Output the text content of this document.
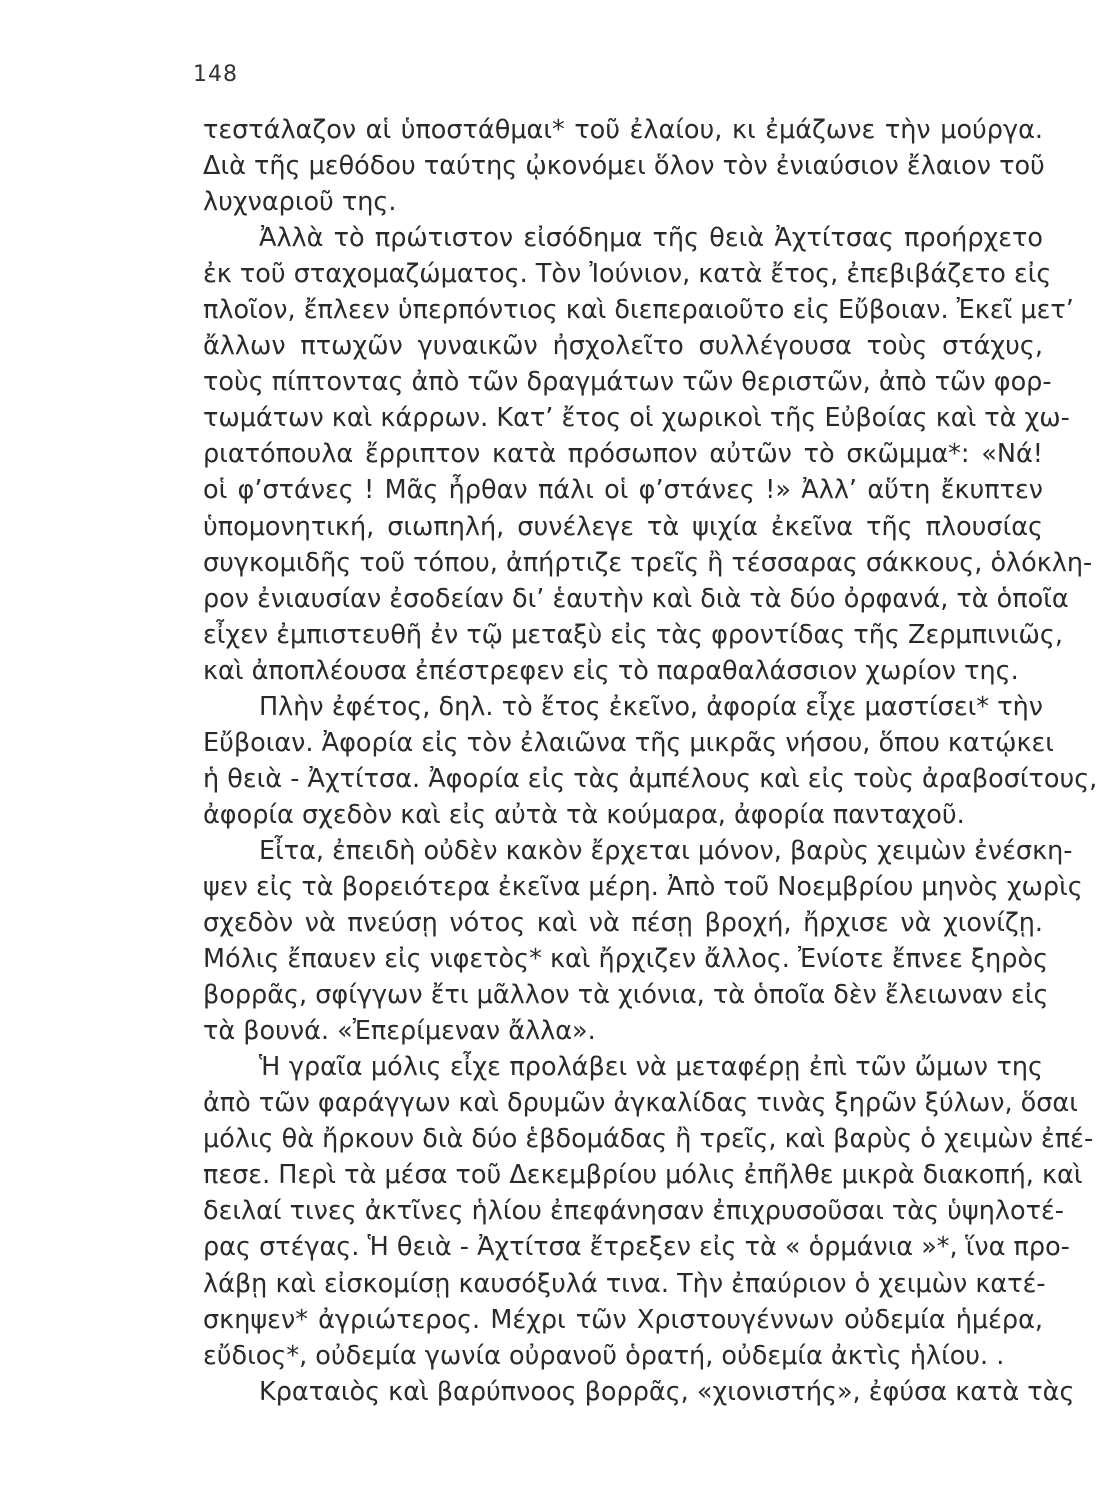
148
τεστάλαζον αἱ ὑποστάθμαι* τοῦ ἐλαίου, κι ἐμάζωνε τὴν μούργα.
Διὰ τῆς μεθόδου ταύτης ᾠκονόμει ὅλον τὸν ἐνιαύσιον ἔλαιον τοῦ
λυχναριοῦ της.
Ἀλλὰ τὸ πρώτιστον εἰσόδημα τῆς θειὰ Ἀχτίτσας προήρχετο
ἐκ τοῦ σταχομαζώματος. Τὸν Ἰούνιον, κατὰ ἔτος, ἐπεβιβάζετο εἰς
πλοῖον, ἔπλεεν ὑπερπόντιος καὶ διεπεραιοῦτο εἰς Εὔβοιαν. Ἐκεῖ μετ’
ἄλλων πτωχῶν γυναικῶν ἠσχολεῖτο συλλέγουσα τοὺς στάχυς,
τοὺς πίπτοντας ἀπὸ τῶν δραγμάτων τῶν θεριστῶν, ἀπὸ τῶν φορ-
τωμάτων καὶ κάρρων. Κατ’ ἔτος οἱ χωρικοὶ τῆς Εὐβοίας καὶ τὰ χω-
ριατόπουλα ἔρριπτον κατὰ πρόσωπον αὐτῶν τὸ σκῶμμα*: «Νά!
οἱ φ’στάνες ! Μᾶς ἦρθαν πάλι οἱ φ’στάνες !» Ἀλλ’ αὕτη ἔκυπτεν
ὑπομονητική, σιωπηλή, συνέλεγε τὰ ψιχία ἐκεῖνα τῆς πλουσίας
συγκομιδῆς τοῦ τόπου, ἀπήρτιζε τρεῖς ἢ τέσσαρας σάκκους, ὁλόκλη-
ρον ἐνιαυσίαν ἐσοδείαν δι’ ἑαυτὴν καὶ διὰ τὰ δύο ὀρφανά, τὰ ὁποῖα
εἶχεν ἐμπιστευθῆ ἐν τῷ μεταξὺ εἰς τὰς φροντίδας τῆς Ζερμπινιῶς,
καὶ ἀποπλέουσα ἐπέστρεφεν εἰς τὸ παραθαλάσσιον χωρίον της.
Πλὴν ἐφέτος, δηλ. τὸ ἔτος ἐκεῖνο, ἀφορία εἶχε μαστίσει* τὴν
Εὔβοιαν. Ἀφορία εἰς τὸν ἐλαιῶνα τῆς μικρᾶς νήσου, ὅπου κατῴκει
ἡ θειὰ - Ἀχτίτσα. Ἀφορία εἰς τὰς ἀμπέλους καὶ εἰς τοὺς ἀραβοσίτους,
ἀφορία σχεδὸν καὶ εἰς αὐτὰ τὰ κούμαρα, ἀφορία πανταχοῦ.
Εἶτα, ἐπειδὴ οὐδὲν κακὸν ἔρχεται μόνον, βαρὺς χειμὼν ἐνέσκη-
ψεν εἰς τὰ βορειότερα ἐκεῖνα μέρη. Ἀπὸ τοῦ Νοεμβρίου μηνὸς χωρὶς
σχεδὸν νὰ πνεύσῃ νότος καὶ νὰ πέσῃ βροχή, ἤρχισε νὰ χιονίζῃ.
Μόλις ἔπαυεν εἰς νιφετὸς* καὶ ἤρχιζεν ἄλλος. Ἐνίοτε ἔπνεε ξηρὸς
βορρᾶς, σφίγγων ἔτι μᾶλλον τὰ χιόνια, τὰ ὁποῖα δὲν ἔλειωναν εἰς
τὰ βουνά. «Ἐπερίμεναν ἄλλα».
Ἡ γραῖα μόλις εἶχε προλάβει νὰ μεταφέρῃ ἐπὶ τῶν ὤμων της
ἀπὸ τῶν φαράγγων καὶ δρυμῶν ἀγκαλίδας τινὰς ξηρῶν ξύλων, ὅσαι
μόλις θὰ ἤρκουν διὰ δύο ἑβδομάδας ἢ τρεῖς, καὶ βαρὺς ὁ χειμὼν ἐπέ-
πεσε. Περὶ τὰ μέσα τοῦ Δεκεμβρίου μόλις ἐπῆλθε μικρὰ διακοπή, καὶ
δειλαί τινες ἀκτῖνες ἡλίου ἐπεφάνησαν ἐπιχρυσοῦσαι τὰς ὑψηλοτέ-
ρας στέγας. Ἡ θειὰ - Ἀχτίτσα ἔτρεξεν εἰς τὰ « ὁρμάνια »*, ἵνα προ-
λάβῃ καὶ εἰσκομίσῃ καυσόξυλά τινα. Τὴν ἐπαύριον ὁ χειμὼν κατέ-
σκηψεν* ἀγριώτερος. Μέχρι τῶν Χριστουγέννων οὐδεμία ἡμέρα,
εὔδιος*, οὐδεμία γωνία οὐρανοῦ ὁρατή, οὐδεμία ἀκτὶς ἡλίου. .
Κραταιὸς καὶ βαρύπνοος βορρᾶς, «χιονιστής», ἐφύσα κατὰ τὰς
